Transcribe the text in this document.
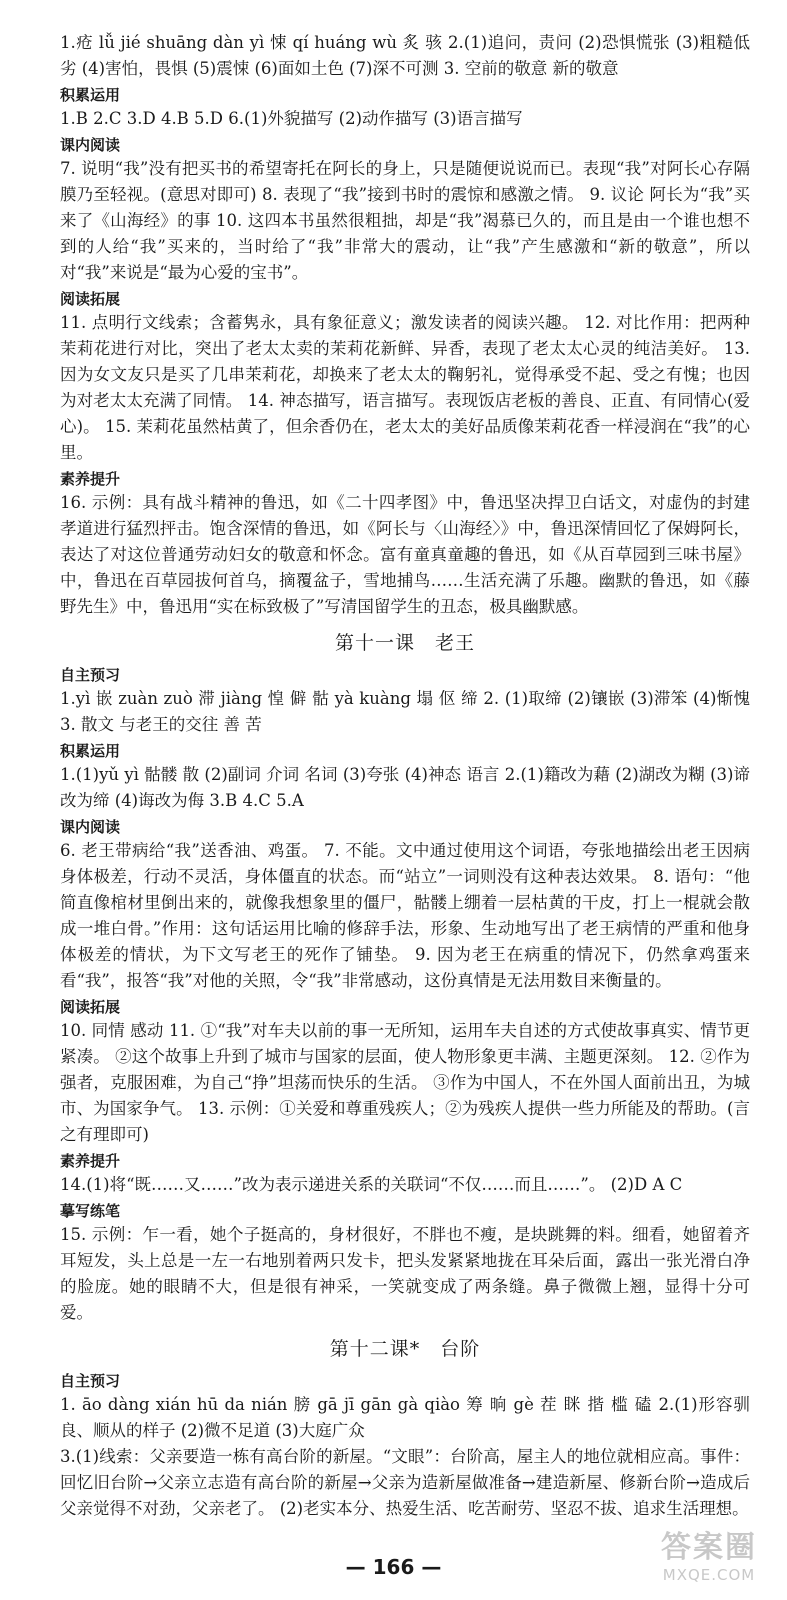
1.疮 lǚ jié shuāng dàn yì 悚 qí huáng wù 炙 骇 2.(1)追问，责问 (2)恐惧慌张 (3)粗糙低劣 (4)害怕，畏惧 (5)震悚 (6)面如土色 (7)深不可测 3. 空前的敬意 新的敬意

积累运用

1.B 2.C 3.D 4.B 5.D 6.(1)外貌描写 (2)动作描写 (3)语言描写

课内阅读

7. 说明“我”没有把买书的希望寄托在阿长的身上，只是随便说说而已。表现“我”对阿长心存隔膜乃至轻视。(意思对即可) 8. 表现了“我”接到书时的震惊和感激之情。 9. 议论 阿长为“我”买来了《山海经》的事 10. 这四本书虽然很粗拙，却是“我”渴慕已久的，而且是由一个谁也想不到的人给“我”买来的，当时给了“我”非常大的震动，让“我”产生感激和“新的敬意”，所以对“我”来说是“最为心爱的宝书”。

阅读拓展

11. 点明行文线索；含蓄隽永，具有象征意义；激发读者的阅读兴趣。 12. 对比作用：把两种茉莉花进行对比，突出了老太太卖的茉莉花新鲜、异香，表现了老太太心灵的纯洁美好。 13. 因为女文友只是买了几串茉莉花，却换来了老太太的鞠躬礼，觉得承受不起、受之有愧；也因为对老太太充满了同情。 14. 神态描写，语言描写。表现饭店老板的善良、正直、有同情心(爱心)。 15. 茉莉花虽然枯黄了，但余香仍在，老太太的美好品质像茉莉花香一样浸润在“我”的心里。

素养提升

16. 示例：具有战斗精神的鲁迅，如《二十四孝图》中，鲁迅坚决捍卫白话文，对虚伪的封建孝道进行猛烈抨击。饱含深情的鲁迅，如《阿长与〈山海经〉》中，鲁迅深情回忆了保姆阿长，表达了对这位普通劳动妇女的敬意和怀念。富有童真童趣的鲁迅，如《从百草园到三味书屋》中，鲁迅在百草园拔何首乌，摘覆盆子，雪地捕鸟……生活充满了乐趣。幽默的鲁迅，如《藤野先生》中，鲁迅用“实在标致极了”写清国留学生的丑态，极具幽默感。

第十一课　老王

自主预习

1.yì 嵌 zuàn zuò 滞 jiàng 惶 僻 骷 yà kuàng 塌 伛 缔 2. (1)取缔 (2)镶嵌 (3)滞笨 (4)惭愧 3. 散文 与老王的交往 善 苦

积累运用

1.(1)yǔ yì 骷髅 散 (2)副词 介词 名词 (3)夸张 (4)神态 语言 2.(1)籍改为藉 (2)湖改为糊 (3)谛改为缔 (4)诲改为侮 3.B 4.C 5.A

课内阅读

6. 老王带病给“我”送香油、鸡蛋。 7. 不能。文中通过使用这个词语，夸张地描绘出老王因病身体极差，行动不灵活，身体僵直的状态。而“站立”一词则没有这种表达效果。 8. 语句：“他简直像棺材里倒出来的，就像我想象里的僵尸，骷髅上绷着一层枯黄的干皮，打上一棍就会散成一堆白骨。”作用：这句话运用比喻的修辞手法，形象、生动地写出了老王病情的严重和他身体极差的情状，为下文写老王的死作了铺垫。 9. 因为老王在病重的情况下，仍然拿鸡蛋来看“我”，报答“我”对他的关照，令“我”非常感动，这份真情是无法用数目来衡量的。

阅读拓展

10. 同情 感动 11. ①“我”对车夫以前的事一无所知，运用车夫自述的方式使故事真实、情节更紧凑。 ②这个故事上升到了城市与国家的层面，使人物形象更丰满、主题更深刻。 12. ②作为强者，克服困难，为自己“挣”坦荡而快乐的生活。 ③作为中国人，不在外国人面前出丑，为城市、为国家争气。 13. 示例：①关爱和尊重残疾人；②为残疾人提供一些力所能及的帮助。(言之有理即可)

素养提升

14.(1)将“既……又……”改为表示递进关系的关联词“不仅……而且……”。 (2)D A C

摹写练笔

15. 示例：乍一看，她个子挺高的，身材很好，不胖也不瘦，是块跳舞的料。细看，她留着齐耳短发，头上总是一左一右地别着两只发卡，把头发紧紧地拢在耳朵后面，露出一张光滑白净的脸庞。她的眼睛不大，但是很有神采，一笑就变成了两条缝。鼻子微微上翘，显得十分可爱。

第十二课*　台阶

自主预习

1. āo dàng xián hū da nián 膀 gā jī gān gà qiào 筹 晌 gè 茬 眯 揩 槛 磕 2.(1)形容驯良、顺从的样子 (2)微不足道 (3)大庭广众

3.(1)线索：父亲要造一栋有高台阶的新屋。“文眼”：台阶高，屋主人的地位就相应高。事件：回忆旧台阶→父亲立志造有高台阶的新屋→父亲为造新屋做准备→建造新屋、修新台阶→造成后父亲觉得不对劲，父亲老了。 (2)老实本分、热爱生活、吃苦耐劳、坚忍不拔、追求生活理想。

— 166 —
答案圈
MXQE.COM
